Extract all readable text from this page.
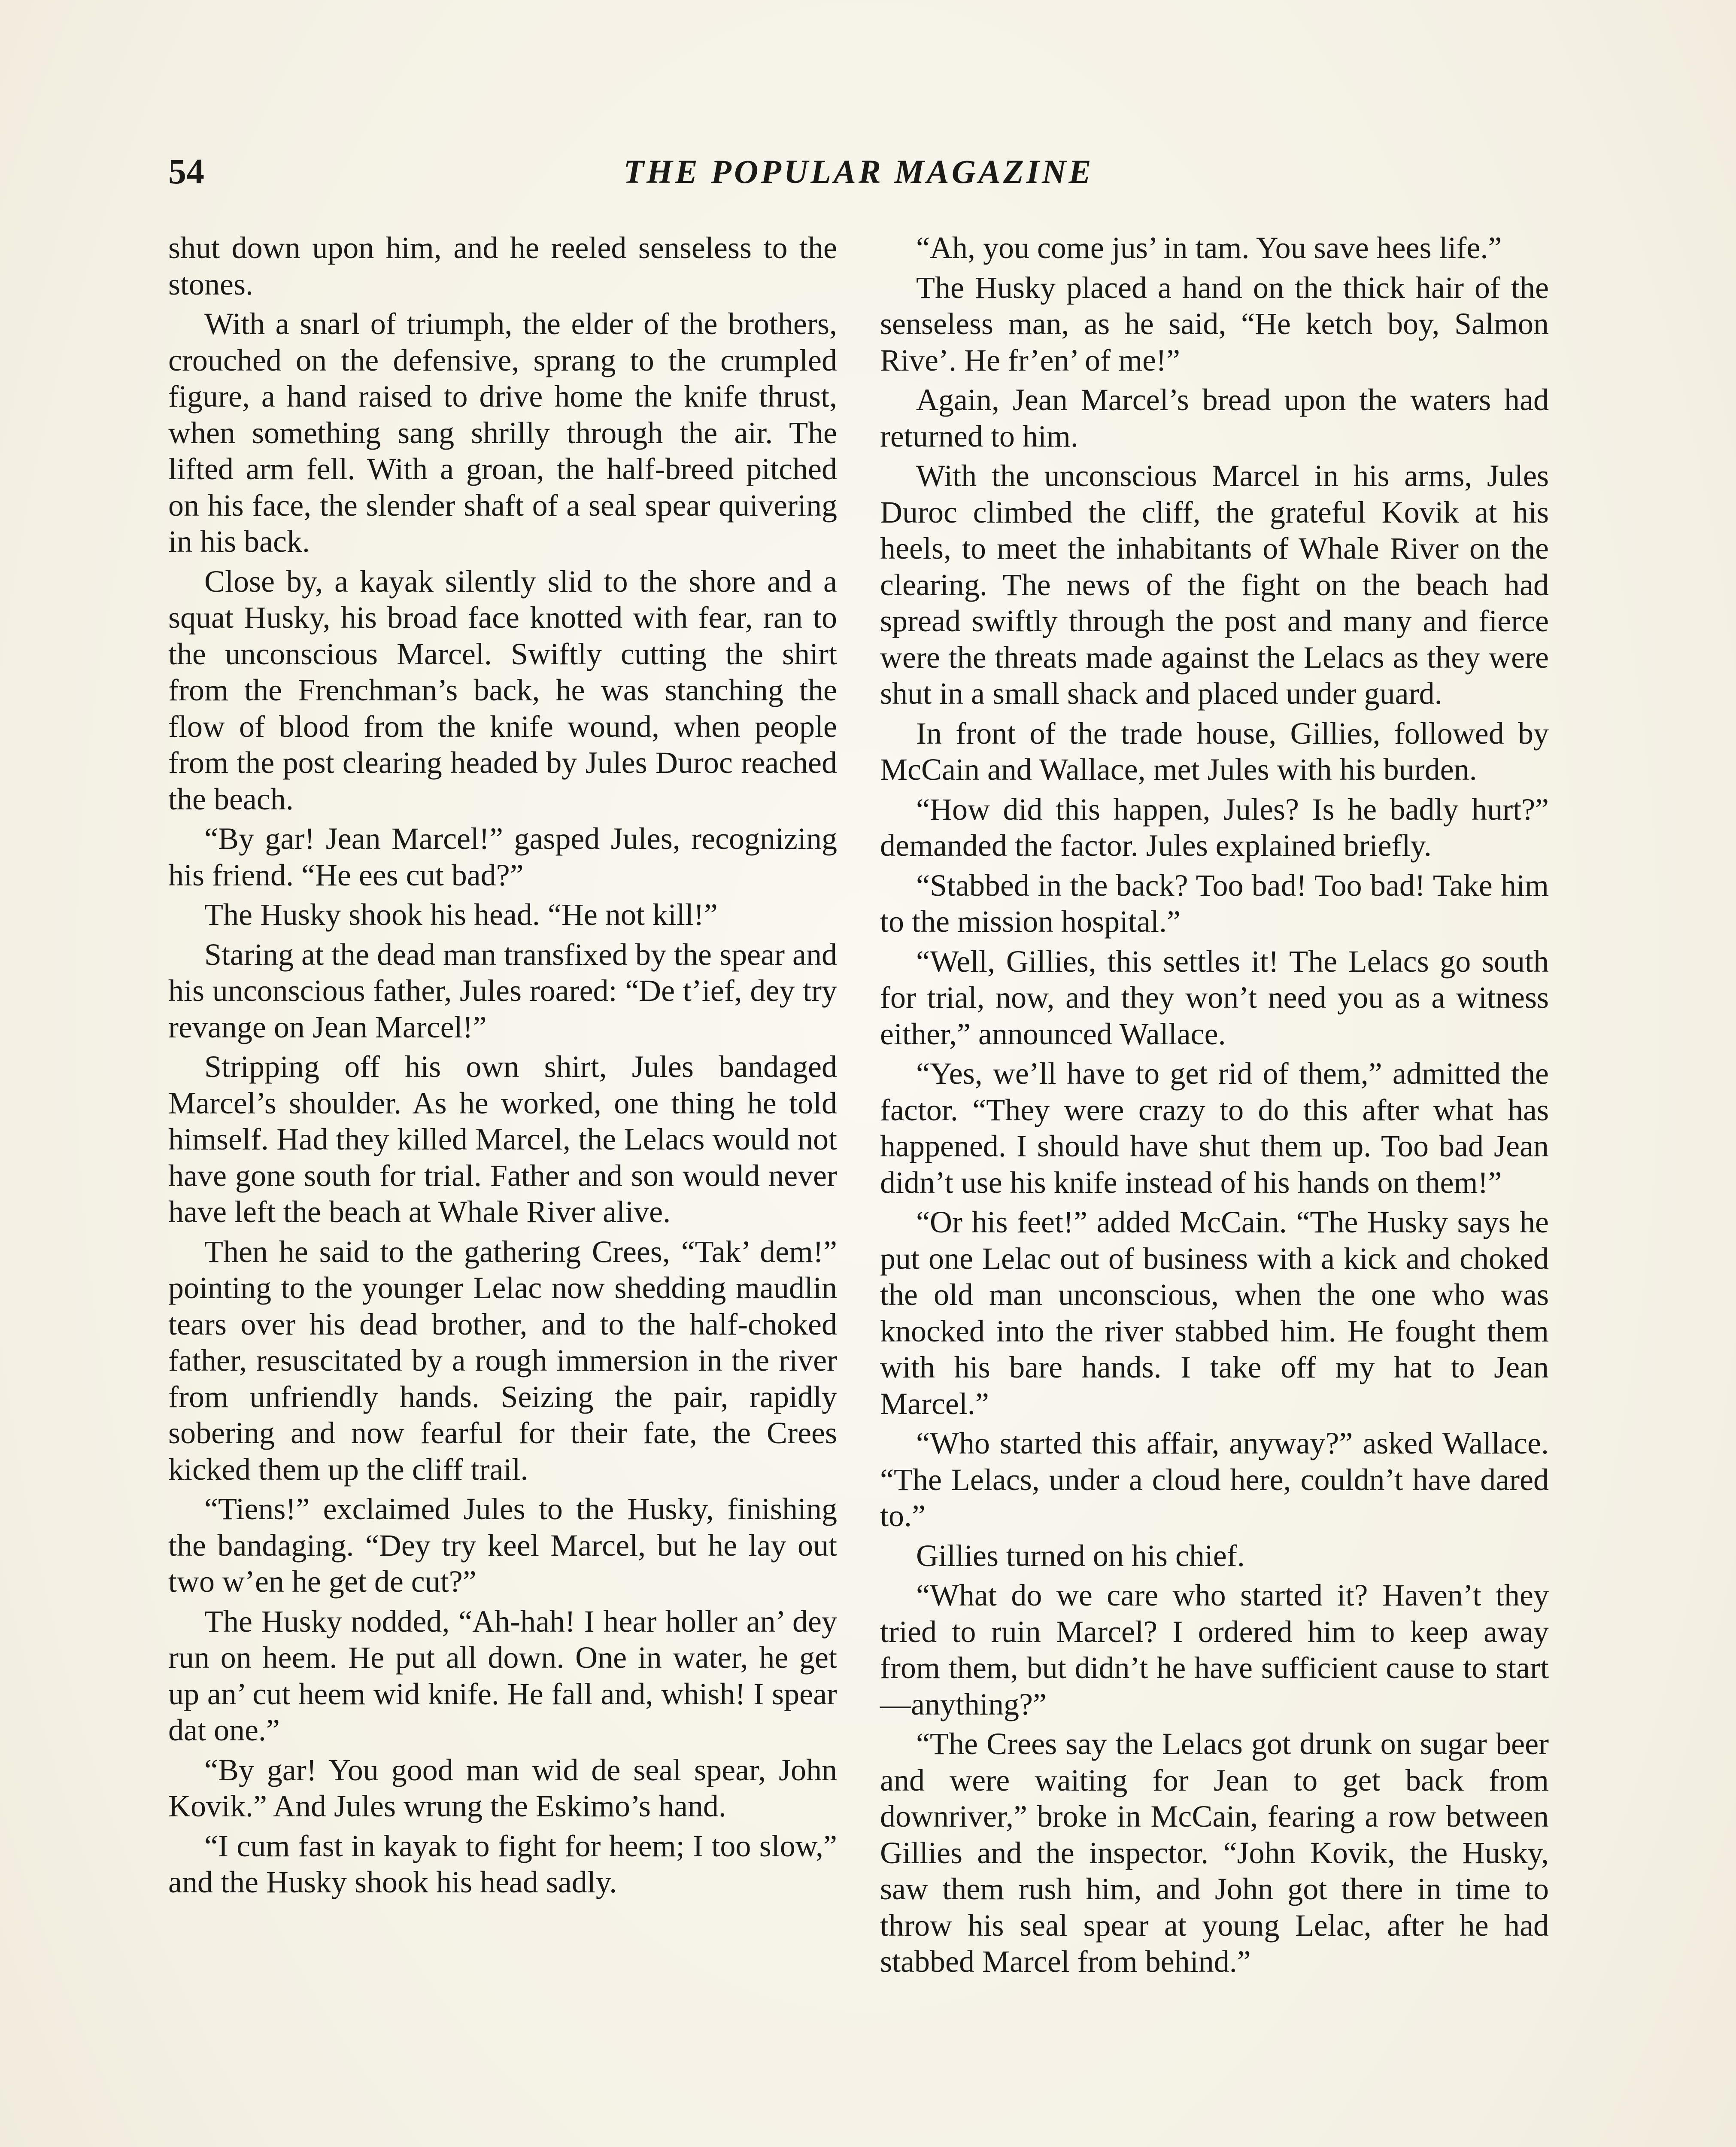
54	THE POPULAR MAGAZINE

shut down upon him, and he reeled senseless to the stones.

With a snarl of triumph, the elder of the brothers, crouched on the defensive, sprang to the crumpled figure, a hand raised to drive home the knife thrust, when something sang shrilly through the air. The lifted arm fell. With a groan, the half-breed pitched on his face, the slender shaft of a seal spear quivering in his back.

Close by, a kayak silently slid to the shore and a squat Husky, his broad face knotted with fear, ran to the unconscious Marcel. Swiftly cutting the shirt from the Frenchman’s back, he was stanching the flow of blood from the knife wound, when people from the post clearing headed by Jules Duroc reached the beach.

“By gar! Jean Marcel!” gasped Jules, recognizing his friend. “He ees cut bad?”

The Husky shook his head. “He not kill!”

Staring at the dead man transfixed by the spear and his unconscious father, Jules roared: “De t’ief, dey try revange on Jean Marcel!”

Stripping off his own shirt, Jules bandaged Marcel’s shoulder. As he worked, one thing he told himself. Had they killed Marcel, the Lelacs would not have gone south for trial. Father and son would never have left the beach at Whale River alive.

Then he said to the gathering Crees, “Tak’ dem!” pointing to the younger Lelac now shedding maudlin tears over his dead brother, and to the half-choked father, resuscitated by a rough immersion in the river from unfriendly hands. Seizing the pair, rapidly sobering and now fearful for their fate, the Crees kicked them up the cliff trail.

“Tiens!” exclaimed Jules to the Husky, finishing the bandaging. “Dey try keel Marcel, but he lay out two w’en he get de cut?”

The Husky nodded, “Ah-hah! I hear holler an’ dey run on heem. He put all down. One in water, he get up an’ cut heem wid knife. He fall and, whish! I spear dat one.”

“By gar! You good man wid de seal spear, John Kovik.” And Jules wrung the Eskimo’s hand.

“I cum fast in kayak to fight for heem; I too slow,” and the Husky shook his head sadly.

“Ah, you come jus’ in tam. You save hees life.”

The Husky placed a hand on the thick hair of the senseless man, as he said, “He ketch boy, Salmon Rive’. He fr’en’ of me!”

Again, Jean Marcel’s bread upon the waters had returned to him.

With the unconscious Marcel in his arms, Jules Duroc climbed the cliff, the grateful Kovik at his heels, to meet the inhabitants of Whale River on the clearing. The news of the fight on the beach had spread swiftly through the post and many and fierce were the threats made against the Lelacs as they were shut in a small shack and placed under guard.

In front of the trade house, Gillies, followed by McCain and Wallace, met Jules with his burden.

“How did this happen, Jules? Is he badly hurt?” demanded the factor. Jules explained briefly.

“Stabbed in the back? Too bad! Too bad! Take him to the mission hospital.”

“Well, Gillies, this settles it! The Lelacs go south for trial, now, and they won’t need you as a witness either,” announced Wallace.

“Yes, we’ll have to get rid of them,” admitted the factor. “They were crazy to do this after what has happened. I should have shut them up. Too bad Jean didn’t use his knife instead of his hands on them!”

“Or his feet!” added McCain. “The Husky says he put one Lelac out of business with a kick and choked the old man unconscious, when the one who was knocked into the river stabbed him. He fought them with his bare hands. I take off my hat to Jean Marcel.”

“Who started this affair, anyway?” asked Wallace. “The Lelacs, under a cloud here, couldn’t have dared to.”

Gillies turned on his chief.

“What do we care who started it? Haven’t they tried to ruin Marcel? I ordered him to keep away from them, but didn’t he have sufficient cause to start—anything?”

“The Crees say the Lelacs got drunk on sugar beer and were waiting for Jean to get back from downriver,” broke in McCain, fearing a row between Gillies and the inspector. “John Kovik, the Husky, saw them rush him, and John got there in time to throw his seal spear at young Lelac, after he had stabbed Marcel from behind.”
